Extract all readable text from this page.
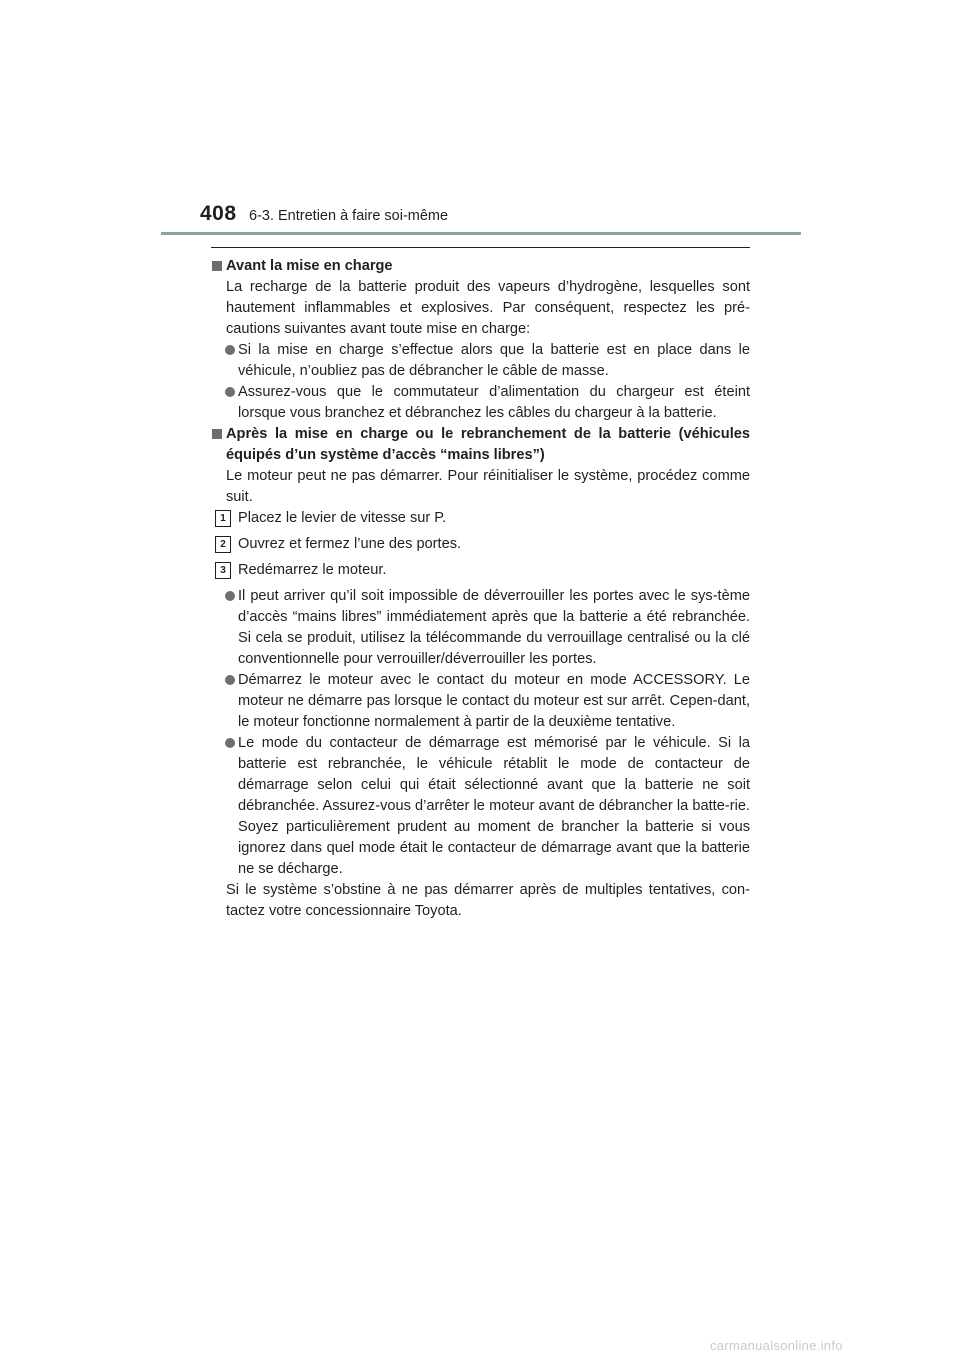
408 6-3. Entretien à faire soi-même

Avant la mise en charge

La recharge de la batterie produit des vapeurs d’hydrogène, lesquelles sont hautement inflammables et explosives. Par conséquent, respectez les pré-cautions suivantes avant toute mise en charge:

Si la mise en charge s’effectue alors que la batterie est en place dans le véhicule, n’oubliez pas de débrancher le câble de masse.

Assurez-vous que le commutateur d’alimentation du chargeur est éteint lorsque vous branchez et débranchez les câbles du chargeur à la batterie.

Après la mise en charge ou le rebranchement de la batterie (véhicules équipés d’un système d’accès “mains libres”)

Le moteur peut ne pas démarrer. Pour réinitialiser le système, procédez comme suit.

1 Placez le levier de vitesse sur P.
2 Ouvrez et fermez l’une des portes.
3 Redémarrez le moteur.

Il peut arriver qu’il soit impossible de déverrouiller les portes avec le sys-tème d’accès “mains libres” immédiatement après que la batterie a été rebranchée. Si cela se produit, utilisez la télécommande du verrouillage centralisé ou la clé conventionnelle pour verrouiller/déverrouiller les portes.

Démarrez le moteur avec le contact du moteur en mode ACCESSORY. Le moteur ne démarre pas lorsque le contact du moteur est sur arrêt. Cepen-dant, le moteur fonctionne normalement à partir de la deuxième tentative.

Le mode du contacteur de démarrage est mémorisé par le véhicule. Si la batterie est rebranchée, le véhicule rétablit le mode de contacteur de démarrage selon celui qui était sélectionné avant que la batterie ne soit débranchée. Assurez-vous d’arrêter le moteur avant de débrancher la batte-rie. Soyez particulièrement prudent au moment de brancher la batterie si vous ignorez dans quel mode était le contacteur de démarrage avant que la batterie ne se décharge.

Si le système s’obstine à ne pas démarrer après de multiples tentatives, con-tactez votre concessionnaire Toyota.

carmanualsonline.info
